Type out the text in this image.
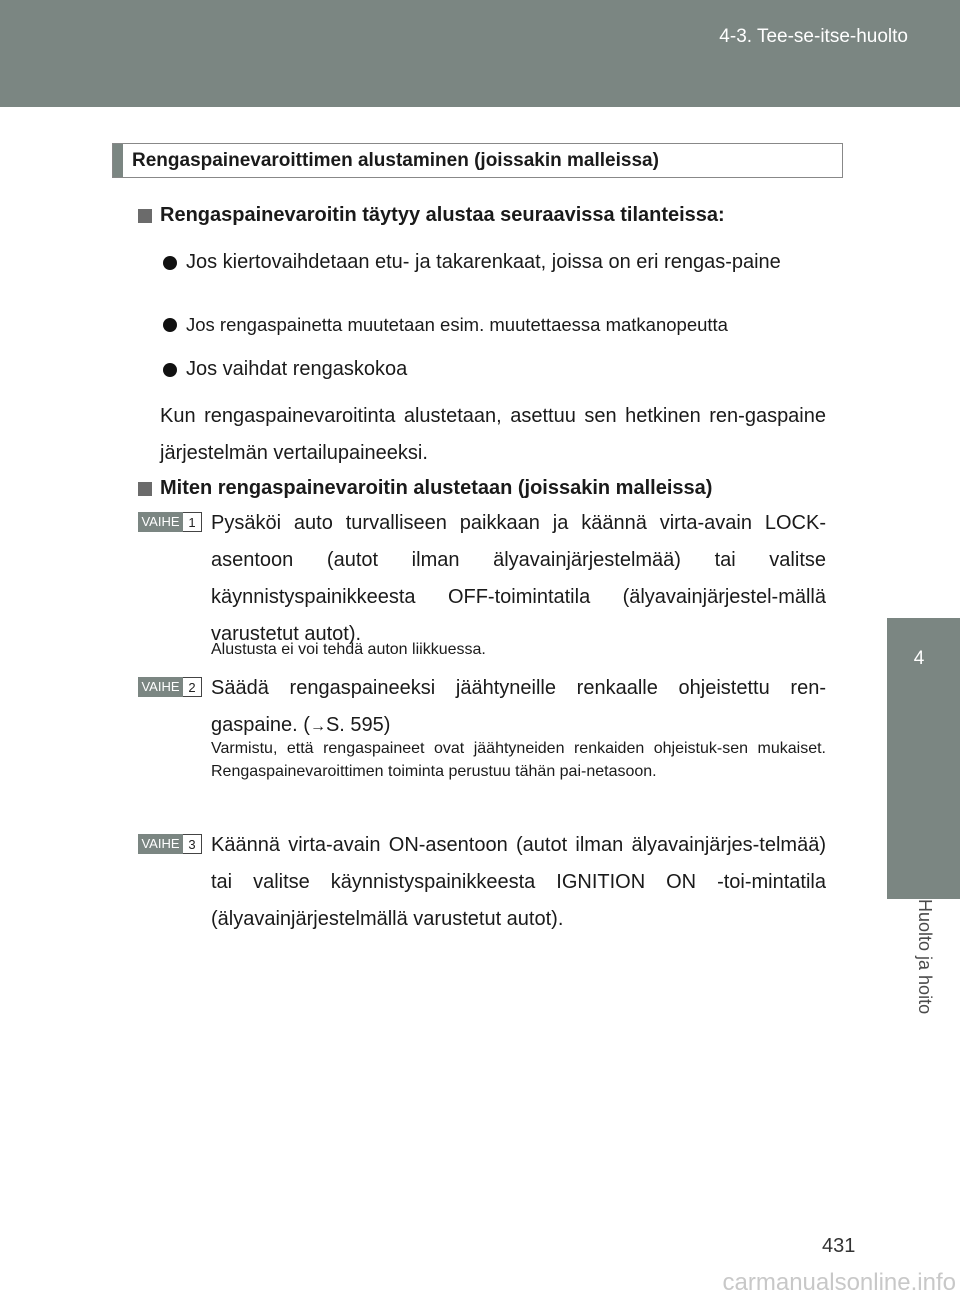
4-3. Tee-se-itse-huolto
4
Huolto ja hoito
Rengaspainevaroittimen alustaminen (joissakin malleissa)
Rengaspainevaroitin täytyy alustaa seuraavissa tilanteissa:
Jos kiertovaihdetaan etu- ja takarenkaat, joissa on eri rengas-paine
Jos rengaspainetta muutetaan esim. muutettaessa matkanopeutta
Jos vaihdat rengaskokoa
Kun rengaspainevaroitinta alustetaan, asettuu sen hetkinen ren-gaspaine järjestelmän vertailupaineeksi.
Miten rengaspainevaroitin alustetaan (joissakin malleissa)
VAIHE 1 Pysäköi auto turvalliseen paikkaan ja käännä virta-avain LOCK-asentoon (autot ilman älyavainjärjestelmää) tai valitse käynnistyspainikkeesta OFF-toimintatila (älyavainjärjestel-mällä varustetut autot).
Alustusta ei voi tehdä auton liikkuessa.
VAIHE 2 Säädä rengaspaineeksi jäähtyneille renkaalle ohjeistettu ren-gaspaine. (→S. 595)
Varmistu, että rengaspaineet ovat jäähtyneiden renkaiden ohjeistuk-sen mukaiset. Rengaspainevaroittimen toiminta perustuu tähän pai-netasoon.
VAIHE 3 Käännä virta-avain ON-asentoon (autot ilman älyavainjärjes-telmää) tai valitse käynnistyspainikkeesta IGNITION ON -toi-mintatila (älyavainjärjestelmällä varustetut autot).
431
carmanualsonline.info
